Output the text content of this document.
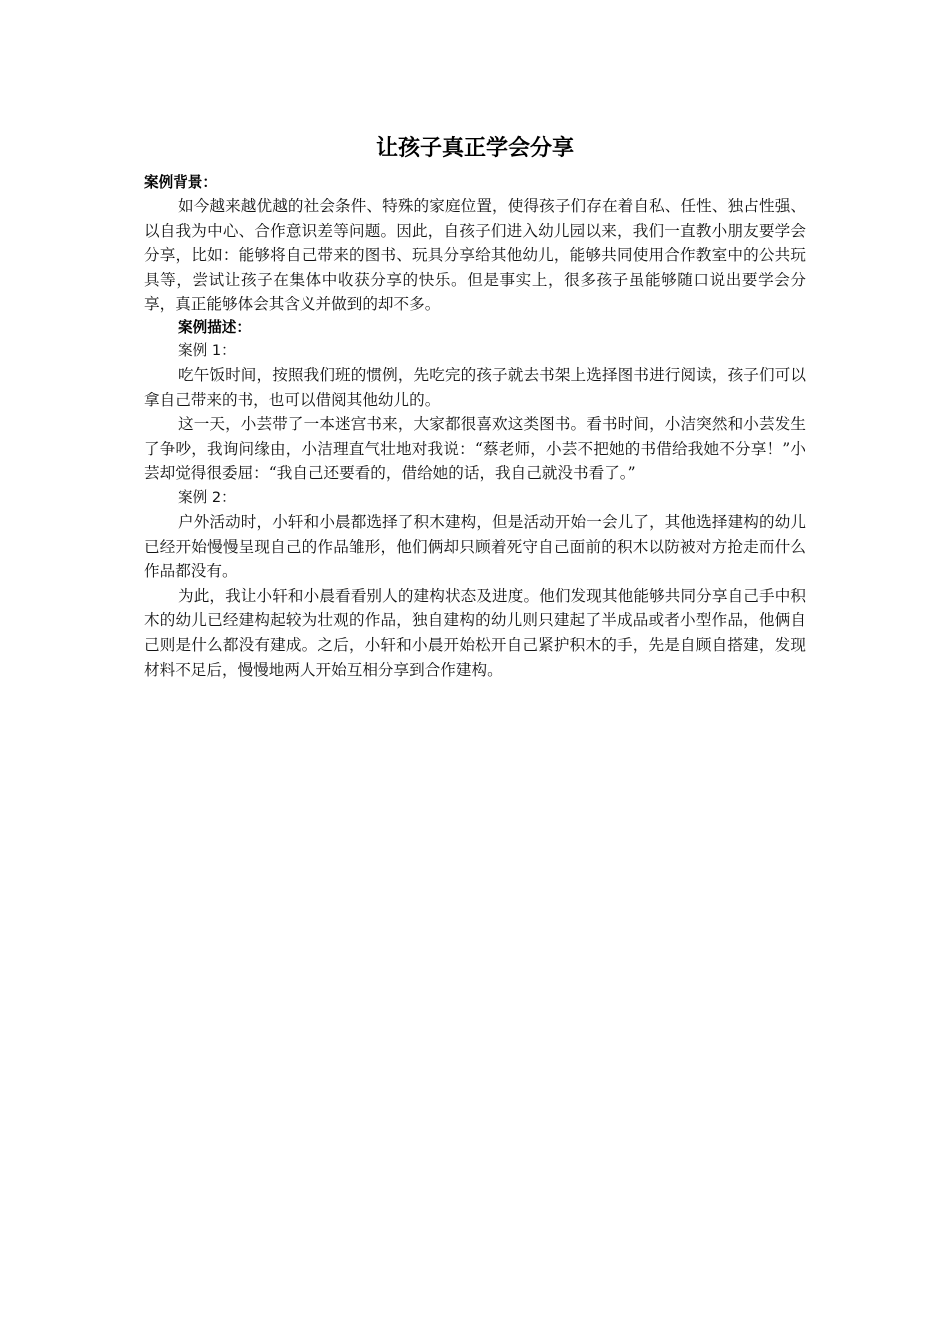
让孩子真正学会分享

案例背景：

如今越来越优越的社会条件、特殊的家庭位置，使得孩子们存在着自私、任性、独占性强、以自我为中心、合作意识差等问题。因此，自孩子们进入幼儿园以来，我们一直教小朋友要学会分享，比如：能够将自己带来的图书、玩具分享给其他幼儿，能够共同使用合作教室中的公共玩具等，尝试让孩子在集体中收获分享的快乐。但是事实上，很多孩子虽能够随口说出要学会分享，真正能够体会其含义并做到的却不多。

案例描述：

案例 1：

吃午饭时间，按照我们班的惯例，先吃完的孩子就去书架上选择图书进行阅读，孩子们可以拿自己带来的书，也可以借阅其他幼儿的。

这一天，小芸带了一本迷宫书来，大家都很喜欢这类图书。看书时间，小洁突然和小芸发生了争吵，我询问缘由，小洁理直气壮地对我说：“蔡老师，小芸不把她的书借给我她不分享！”小芸却觉得很委屈：“我自己还要看的，借给她的话，我自己就没书看了。”

案例 2：

户外活动时，小轩和小晨都选择了积木建构，但是活动开始一会儿了，其他选择建构的幼儿已经开始慢慢呈现自己的作品雏形，他们俩却只顾着死守自己面前的积木以防被对方抢走而什么作品都没有。

为此，我让小轩和小晨看看别人的建构状态及进度。他们发现其他能够共同分享自己手中积木的幼儿已经建构起较为壮观的作品，独自建构的幼儿则只建起了半成品或者小型作品，他俩自己则是什么都没有建成。之后，小轩和小晨开始松开自己紧护积木的手，先是自顾自搭建，发现材料不足后，慢慢地两人开始互相分享到合作建构。
